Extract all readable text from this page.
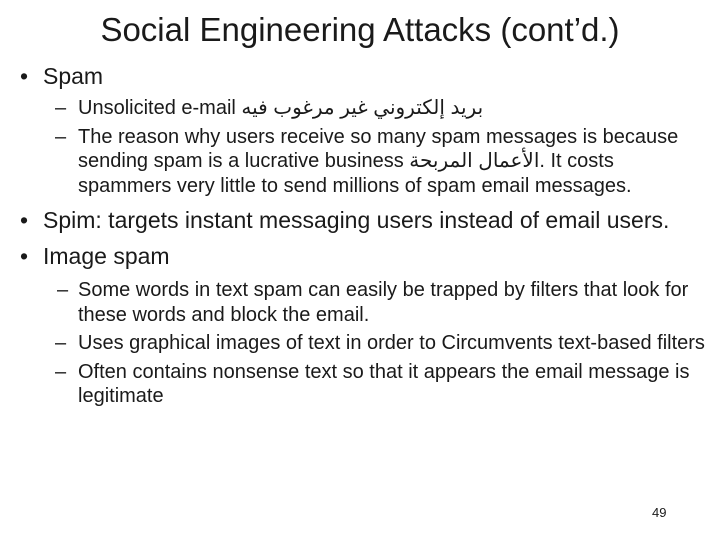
Social Engineering Attacks (cont’d.)
• Spam
– Unsolicited e-mail بريد إلكتروني غير مرغوب فيه
– The reason why users receive so many spam messages is because sending spam is a lucrative business الأعمال المربحة. It costs spammers very little to send millions of spam email messages.
• Spim: targets instant messaging users instead of email users.
• Image spam
– Some words in text spam can easily be trapped by filters that look for these words and block the email.
– Uses graphical images of text in order to Circumvents text-based filters
– Often contains nonsense text so that it appears the email message is legitimate
49
